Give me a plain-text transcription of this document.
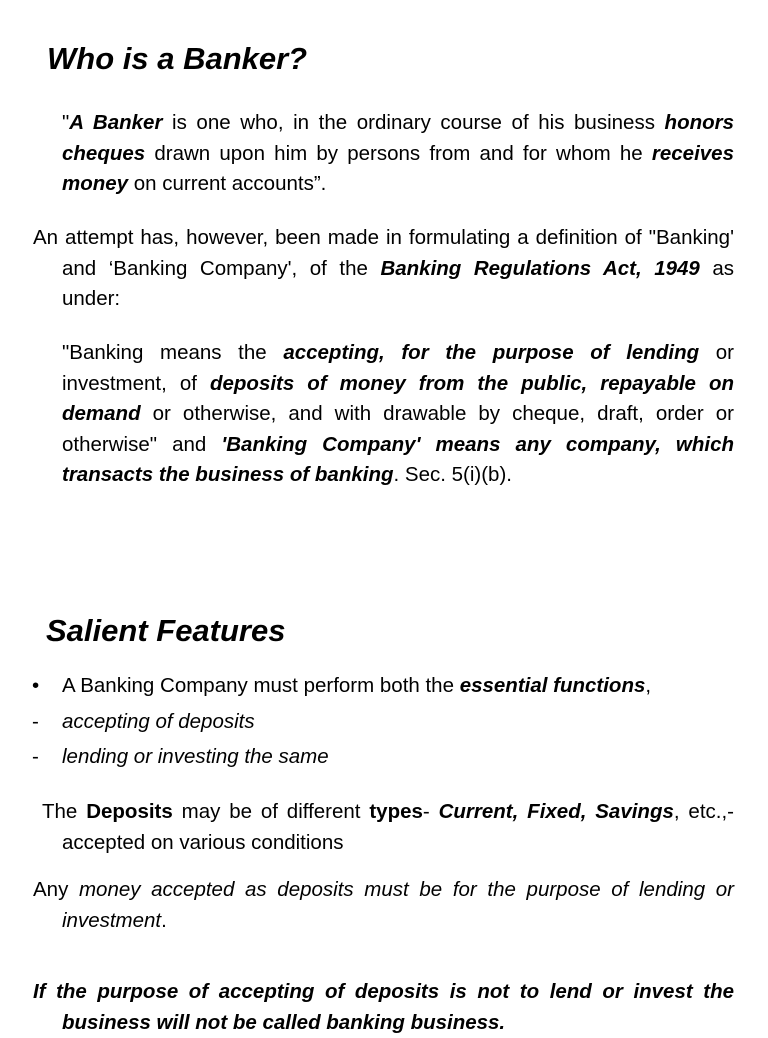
Who is a Banker?

"A Banker is one who, in the ordinary course of his business honors cheques drawn upon him by persons from and for whom he receives money on current accounts”.

An attempt has, however, been made in formulating a definition of "Banking' and ‘Banking Company', of the Banking Regulations Act, 1949 as under:

"Banking means the accepting, for the purpose of lending or investment, of deposits of money from the public, repayable on demand or otherwise, and with drawable by cheque, draft, order or otherwise" and 'Banking Company' means any company, which transacts the business of banking. Sec. 5(i)(b).

Salient Features
• A Banking Company must perform both the essential functions,
- accepting of deposits
- lending or investing the same

The Deposits may be of different types- Current, Fixed, Savings, etc.,- accepted on various conditions

Any money accepted as deposits must be for the purpose of lending or investment.

If the purpose of accepting of deposits is not to lend or invest the business will not be called banking business.
